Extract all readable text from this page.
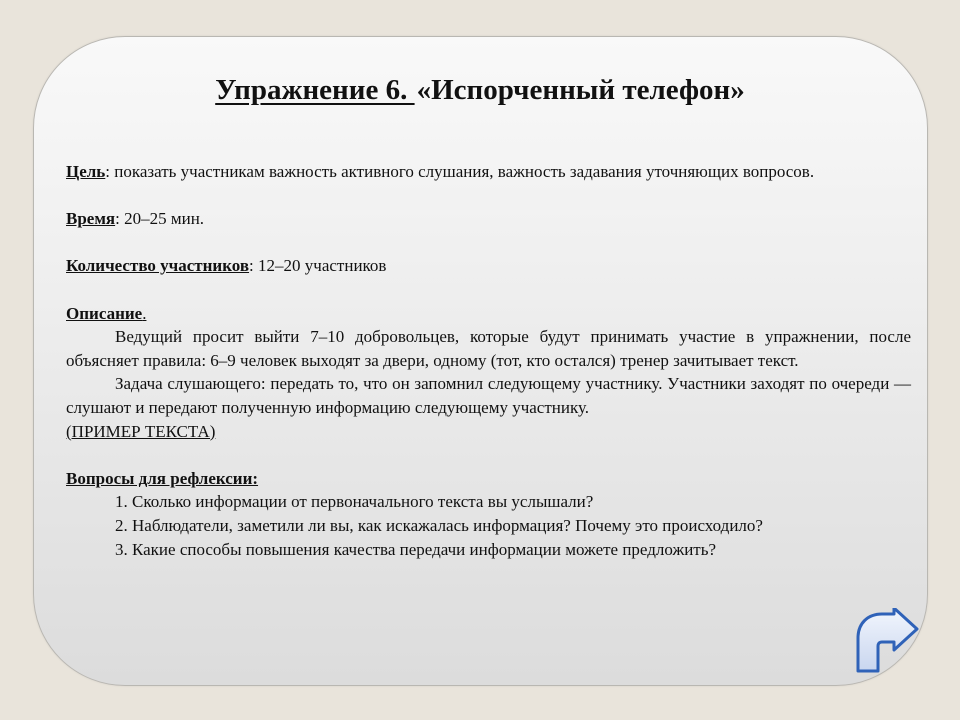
Упражнение 6. «Испорченный телефон»

Цель: показать участникам важность активного слушания, важность задавания уточняющих вопросов.

Время: 20–25 мин.

Количество участников: 12–20 участников

Описание.

Ведущий просит выйти 7–10 добровольцев, которые будут принимать участие в упражнении, после объясняет правила: 6–9 человек выходят за двери, одному (тот, кто остался) тренер зачитывает текст.

Задача слушающего: передать то, что он запомнил следующему участнику. Участники заходят по очереди — слушают и передают полученную информацию следующему участнику.

(ПРИМЕР ТЕКСТА)

Вопросы для рефлексии:

1. Сколько информации от первоначального текста вы услышали?

2. Наблюдатели, заметили ли вы, как искажалась информация? Почему это происходило?

3. Какие способы повышения качества передачи информации можете предложить?
